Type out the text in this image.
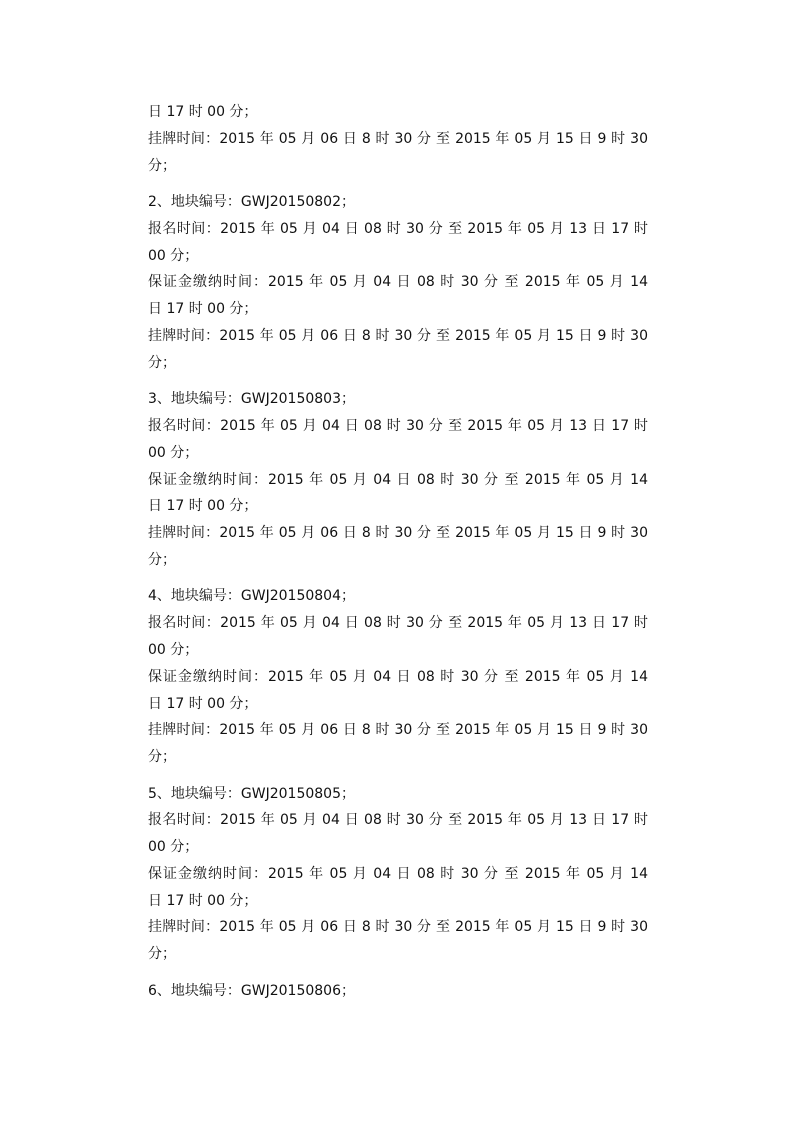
日 17 时 00 分；
挂牌时间：2015 年 05 月 06 日 8 时 30 分 至 2015 年 05 月 15 日 9 时 30
分；
2、地块编号：GWJ20150802；
报名时间：2015 年 05 月 04 日 08 时 30 分 至 2015 年 05 月 13 日 17 时
00 分；
保证金缴纳时间：2015 年 05 月 04 日 08 时 30 分 至 2015 年 05 月 14
日 17 时 00 分；
挂牌时间：2015 年 05 月 06 日 8 时 30 分 至 2015 年 05 月 15 日 9 时 30
分；
3、地块编号：GWJ20150803；
报名时间：2015 年 05 月 04 日 08 时 30 分 至 2015 年 05 月 13 日 17 时
00 分；
保证金缴纳时间：2015 年 05 月 04 日 08 时 30 分 至 2015 年 05 月 14
日 17 时 00 分；
挂牌时间：2015 年 05 月 06 日 8 时 30 分 至 2015 年 05 月 15 日 9 时 30
分；
4、地块编号：GWJ20150804；
报名时间：2015 年 05 月 04 日 08 时 30 分 至 2015 年 05 月 13 日 17 时
00 分；
保证金缴纳时间：2015 年 05 月 04 日 08 时 30 分 至 2015 年 05 月 14
日 17 时 00 分；
挂牌时间：2015 年 05 月 06 日 8 时 30 分 至 2015 年 05 月 15 日 9 时 30
分；
5、地块编号：GWJ20150805；
报名时间：2015 年 05 月 04 日 08 时 30 分 至 2015 年 05 月 13 日 17 时
00 分；
保证金缴纳时间：2015 年 05 月 04 日 08 时 30 分 至 2015 年 05 月 14
日 17 时 00 分；
挂牌时间：2015 年 05 月 06 日 8 时 30 分 至 2015 年 05 月 15 日 9 时 30
分；
6、地块编号：GWJ20150806；
